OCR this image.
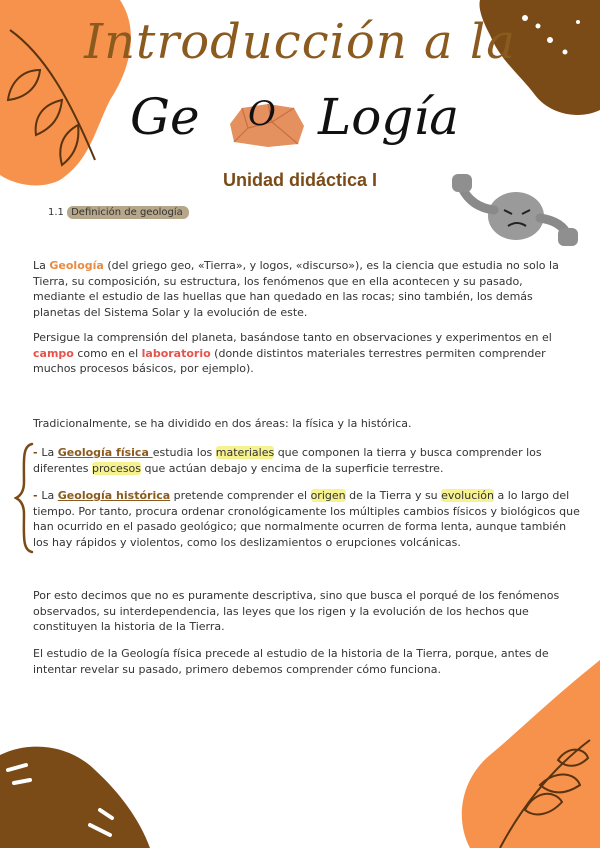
Introducción a la
Ge O Logía
Unidad didáctica I
1.1 Definición de geología

La Geología (del griego geo, «Tierra», y logos, «discurso»), es la ciencia que estudia no solo la Tierra, su composición, su estructura, los fenómenos que en ella acontecen y su pasado, mediante el estudio de las huellas que han quedado en las rocas; sino también, los demás planetas del Sistema Solar y la evolución de este.

Persigue la comprensión del planeta, basándose tanto en observaciones y experimentos en el campo como en el laboratorio (donde distintos materiales terrestres permiten comprender muchos procesos básicos, por ejemplo).

Tradicionalmente, se ha dividido en dos áreas: la física y la histórica.

- La Geología física estudia los materiales que componen la tierra y busca comprender los diferentes procesos que actúan debajo y encima de la superficie terrestre.

- La Geología histórica pretende comprender el origen de la Tierra y su evolución a lo largo del tiempo. Por tanto, procura ordenar cronológicamente los múltiples cambios físicos y biológicos que han ocurrido en el pasado geológico; que normalmente ocurren de forma lenta, aunque también los hay rápidos y violentos, como los deslizamientos o erupciones volcánicas.

Por esto decimos que no es puramente descriptiva, sino que busca el porqué de los fenómenos observados, su interdependencia, las leyes que los rigen y la evolución de los hechos que constituyen la historia de la Tierra.

El estudio de la Geología física precede al estudio de la historia de la Tierra, porque, antes de intentar revelar su pasado, primero debemos comprender cómo funciona.
